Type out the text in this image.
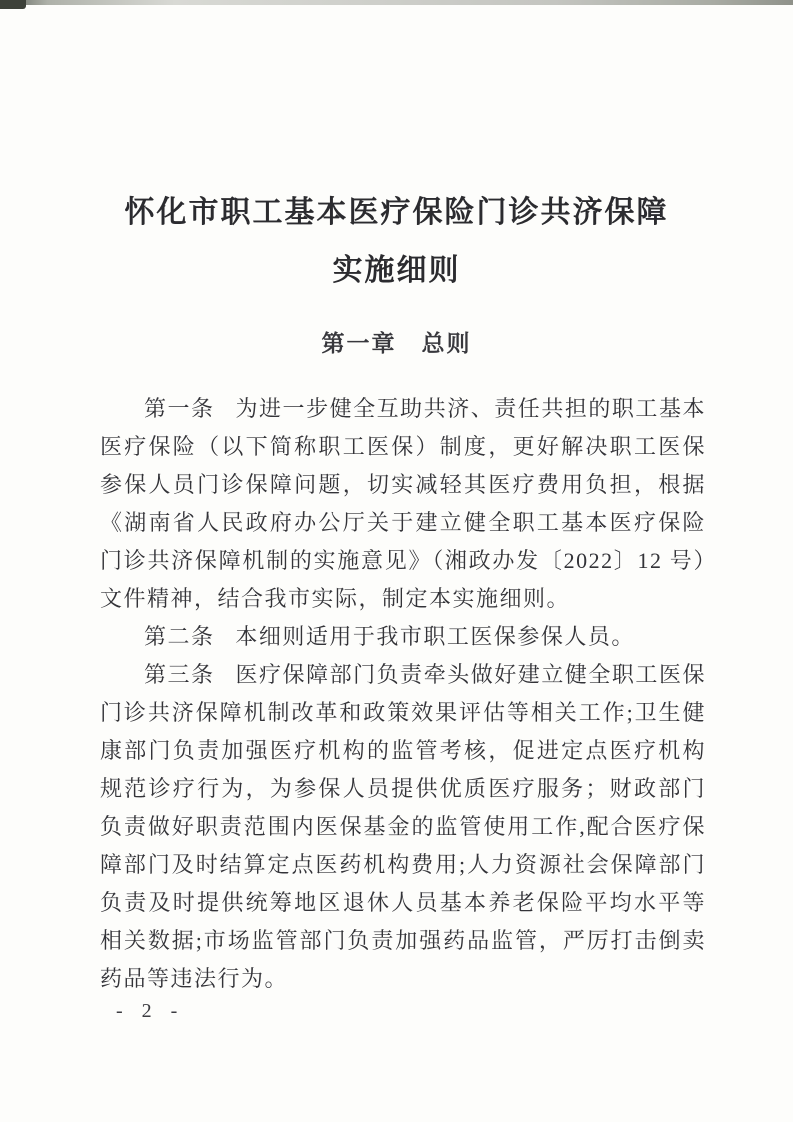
怀化市职工基本医疗保险门诊共济保障
实施细则
第一章　总则

第一条 为进一步健全互助共济、责任共担的职工基本医疗保险（以下简称职工医保）制度，更好解决职工医保参保人员门诊保障问题，切实减轻其医疗费用负担，根据《湖南省人民政府办公厅关于建立健全职工基本医疗保险门诊共济保障机制的实施意见》（湘政办发〔2022〕12 号）文件精神，结合我市实际，制定本实施细则。

第二条 本细则适用于我市职工医保参保人员。

第三条 医疗保障部门负责牵头做好建立健全职工医保门诊共济保障机制改革和政策效果评估等相关工作;卫生健康部门负责加强医疗机构的监管考核，促进定点医疗机构规范诊疗行为，为参保人员提供优质医疗服务；财政部门负责做好职责范围内医保基金的监管使用工作,配合医疗保障部门及时结算定点医药机构费用;人力资源社会保障部门负责及时提供统筹地区退休人员基本养老保险平均水平等相关数据;市场监管部门负责加强药品监管，严厉打击倒卖药品等违法行为。

- 2 -
